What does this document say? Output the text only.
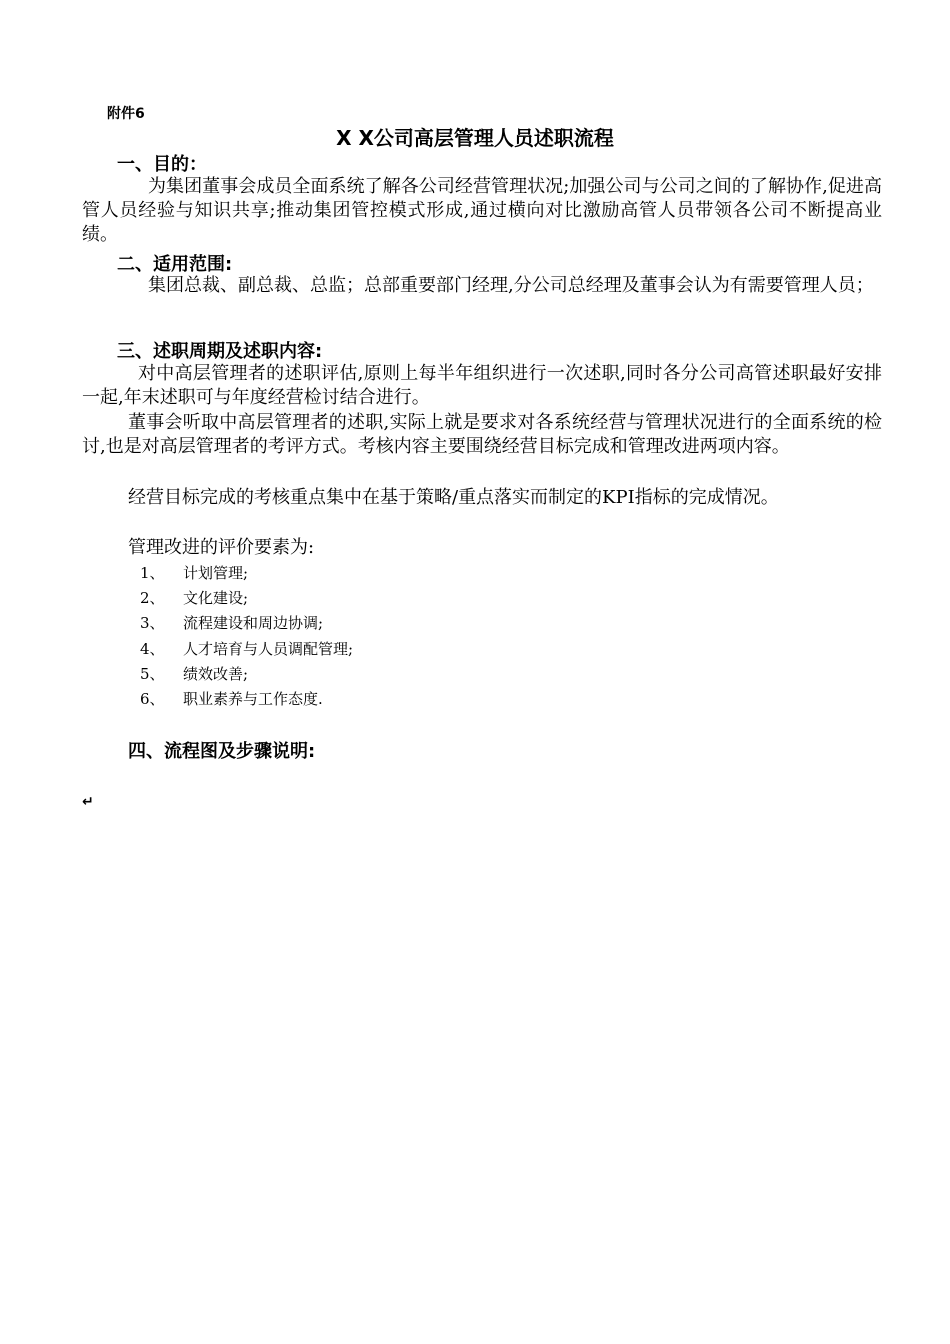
附件6
X X公司高层管理人员述职流程
一、目的：
为集团董事会成员全面系统了解各公司经营管理状况;加强公司与公司之间的了解协作,促进高管人员经验与知识共享;推动集团管控模式形成,通过横向对比激励高管人员带领各公司不断提高业绩。
二、适用范围:
集团总裁、副总裁、总监；总部重要部门经理,分公司总经理及董事会认为有需要管理人员；
三、述职周期及述职内容:
对中高层管理者的述职评估,原则上每半年组织进行一次述职,同时各分公司高管述职最好安排一起,年末述职可与年度经营检讨结合进行。
董事会听取中高层管理者的述职,实际上就是要求对各系统经营与管理状况进行的全面系统的检讨,也是对高层管理者的考评方式。考核内容主要围绕经营目标完成和管理改进两项内容。
经营目标完成的考核重点集中在基于策略/重点落实而制定的KPI指标的完成情况。
管理改进的评价要素为:
1、 计划管理;
2、 文化建设;
3、 流程建设和周边协调;
4、 人才培育与人员调配管理;
5、 绩效改善;
6、 职业素养与工作态度.
四、流程图及步骤说明:
↵
